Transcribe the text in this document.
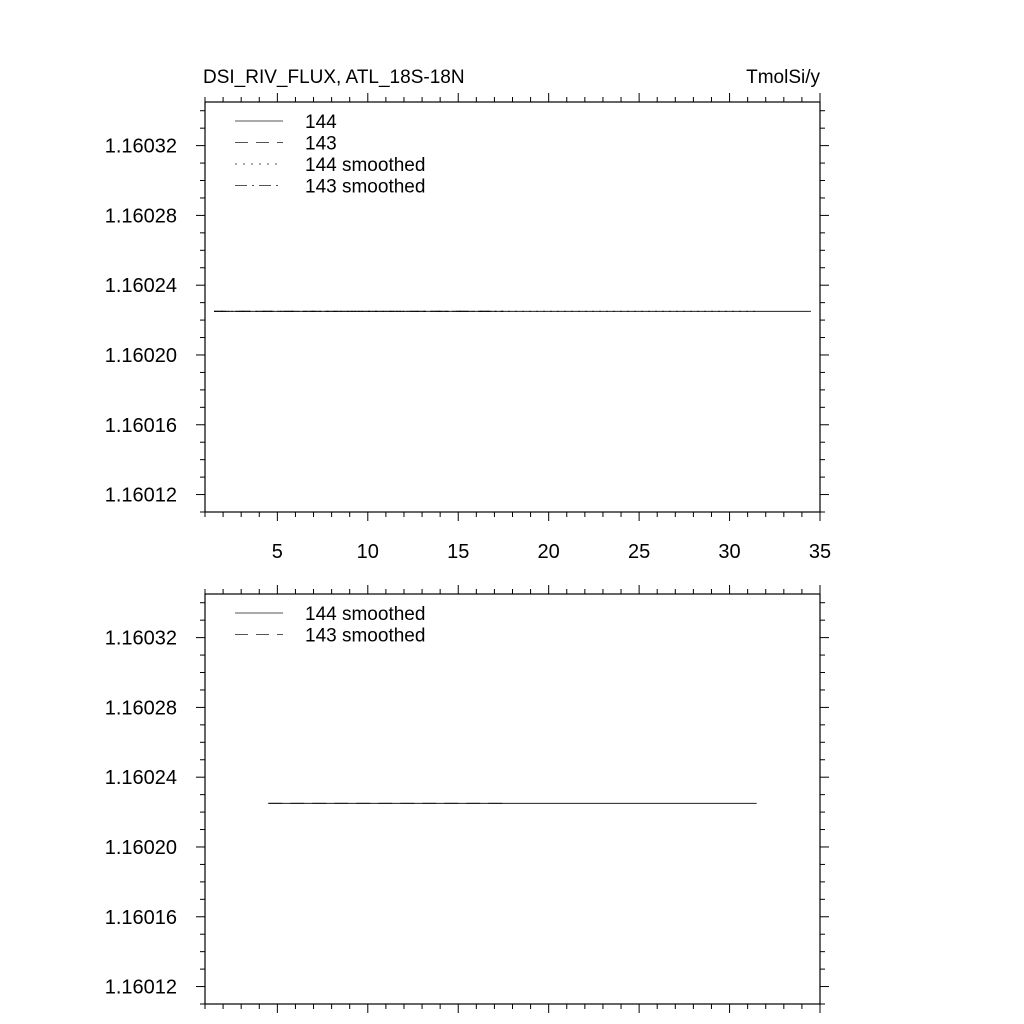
DSI_RIV_FLUX, ATL_18S-18N	TmolSi/y
5	10	15	20	25	30	35
1.16012
1.16016
1.16020
1.16024
1.16028
1.16032
144
143
144 smoothed
143 smoothed
1.16012
1.16016
1.16020
1.16024
1.16028
1.16032
144 smoothed
143 smoothed
